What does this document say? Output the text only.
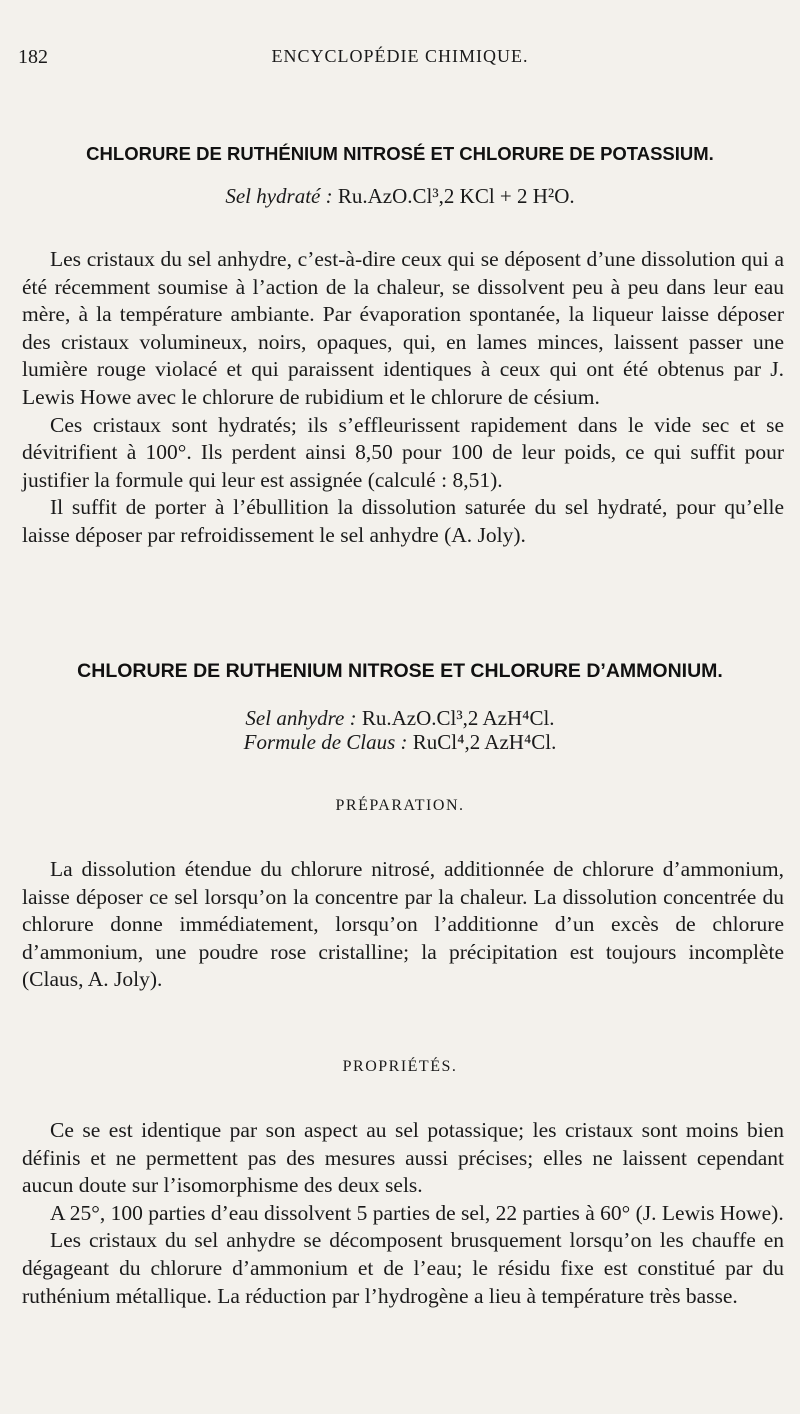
182	ENCYCLOPÉDIE CHIMIQUE.
CHLORURE DE RUTHÉNIUM NITROSÉ ET CHLORURE DE POTASSIUM.
Sel hydraté : Ru.AzO.Cl³,2 KCl + 2 H²O.

Les cristaux du sel anhydre, c’est-à-dire ceux qui se déposent d’une dissolution qui a été récemment soumise à l’action de la chaleur, se dissolvent peu à peu dans leur eau mère, à la température ambiante. Par évaporation spontanée, la liqueur laisse déposer des cristaux volumineux, noirs, opaques, qui, en lames minces, laissent passer une lumière rouge violacé et qui paraissent identiques à ceux qui ont été obtenus par J. Lewis Howe avec le chlorure de rubidium et le chlorure de césium.

Ces cristaux sont hydratés; ils s’effleurissent rapidement dans le vide sec et se dévitrifient à 100°. Ils perdent ainsi 8,50 pour 100 de leur poids, ce qui suffit pour justifier la formule qui leur est assignée (calculé : 8,51).

Il suffit de porter à l’ébullition la dissolution saturée du sel hydraté, pour qu’elle laisse déposer par refroidissement le sel anhydre (A. Joly).

CHLORURE DE RUTHENIUM NITROSE ET CHLORURE D’AMMONIUM.
Sel anhydre : Ru.AzO.Cl³,2 AzH⁴Cl.
Formule de Claus : RuCl⁴,2 AzH⁴Cl.
PRÉPARATION.

La dissolution étendue du chlorure nitrosé, additionnée de chlorure d’ammonium, laisse déposer ce sel lorsqu’on la concentre par la chaleur. La dissolution concentrée du chlorure donne immédiatement, lorsqu’on l’additionne d’un excès de chlorure d’ammonium, une poudre rose cristalline; la précipitation est toujours incomplète (Claus, A. Joly).

PROPRIÉTÉS.

Ce se est identique par son aspect au sel potassique; les cristaux sont moins bien définis et ne permettent pas des mesures aussi précises; elles ne laissent cependant aucun doute sur l’isomorphisme des deux sels.

A 25°, 100 parties d’eau dissolvent 5 parties de sel, 22 parties à 60° (J. Lewis Howe).

Les cristaux du sel anhydre se décomposent brusquement lorsqu’on les chauffe en dégageant du chlorure d’ammonium et de l’eau; le résidu fixe est constitué par du ruthénium métallique. La réduction par l’hydrogène a lieu à température très basse.
